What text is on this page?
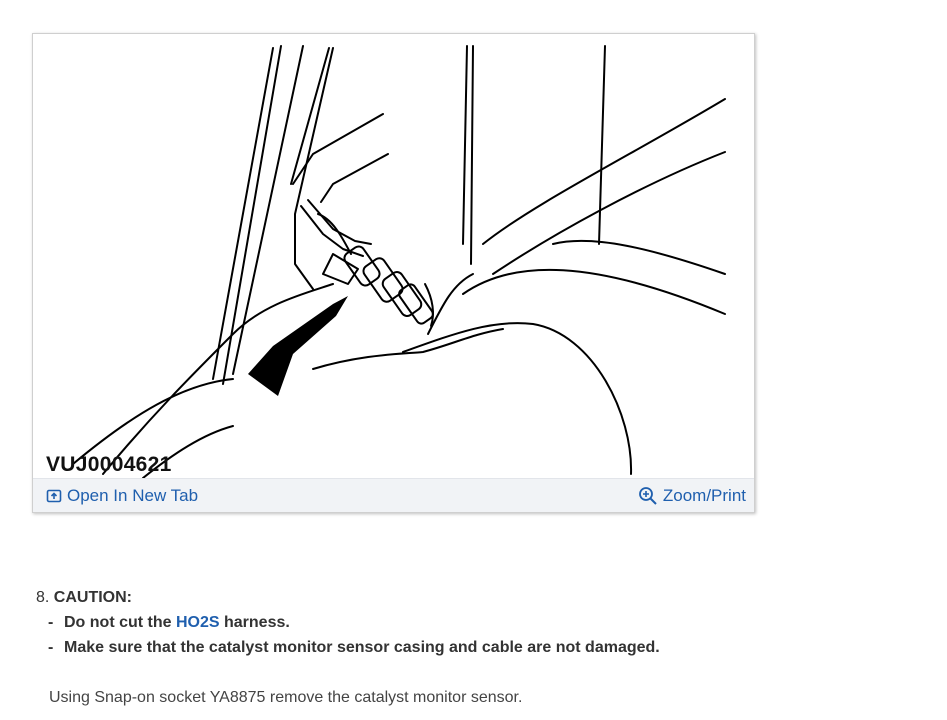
VUJ0004621
Open In New Tab	Zoom/Print
8. CAUTION:
- Do not cut the HO2S harness.
- Make sure that the catalyst monitor sensor casing and cable are not damaged.
Using Snap-on socket YA8875 remove the catalyst monitor sensor.
